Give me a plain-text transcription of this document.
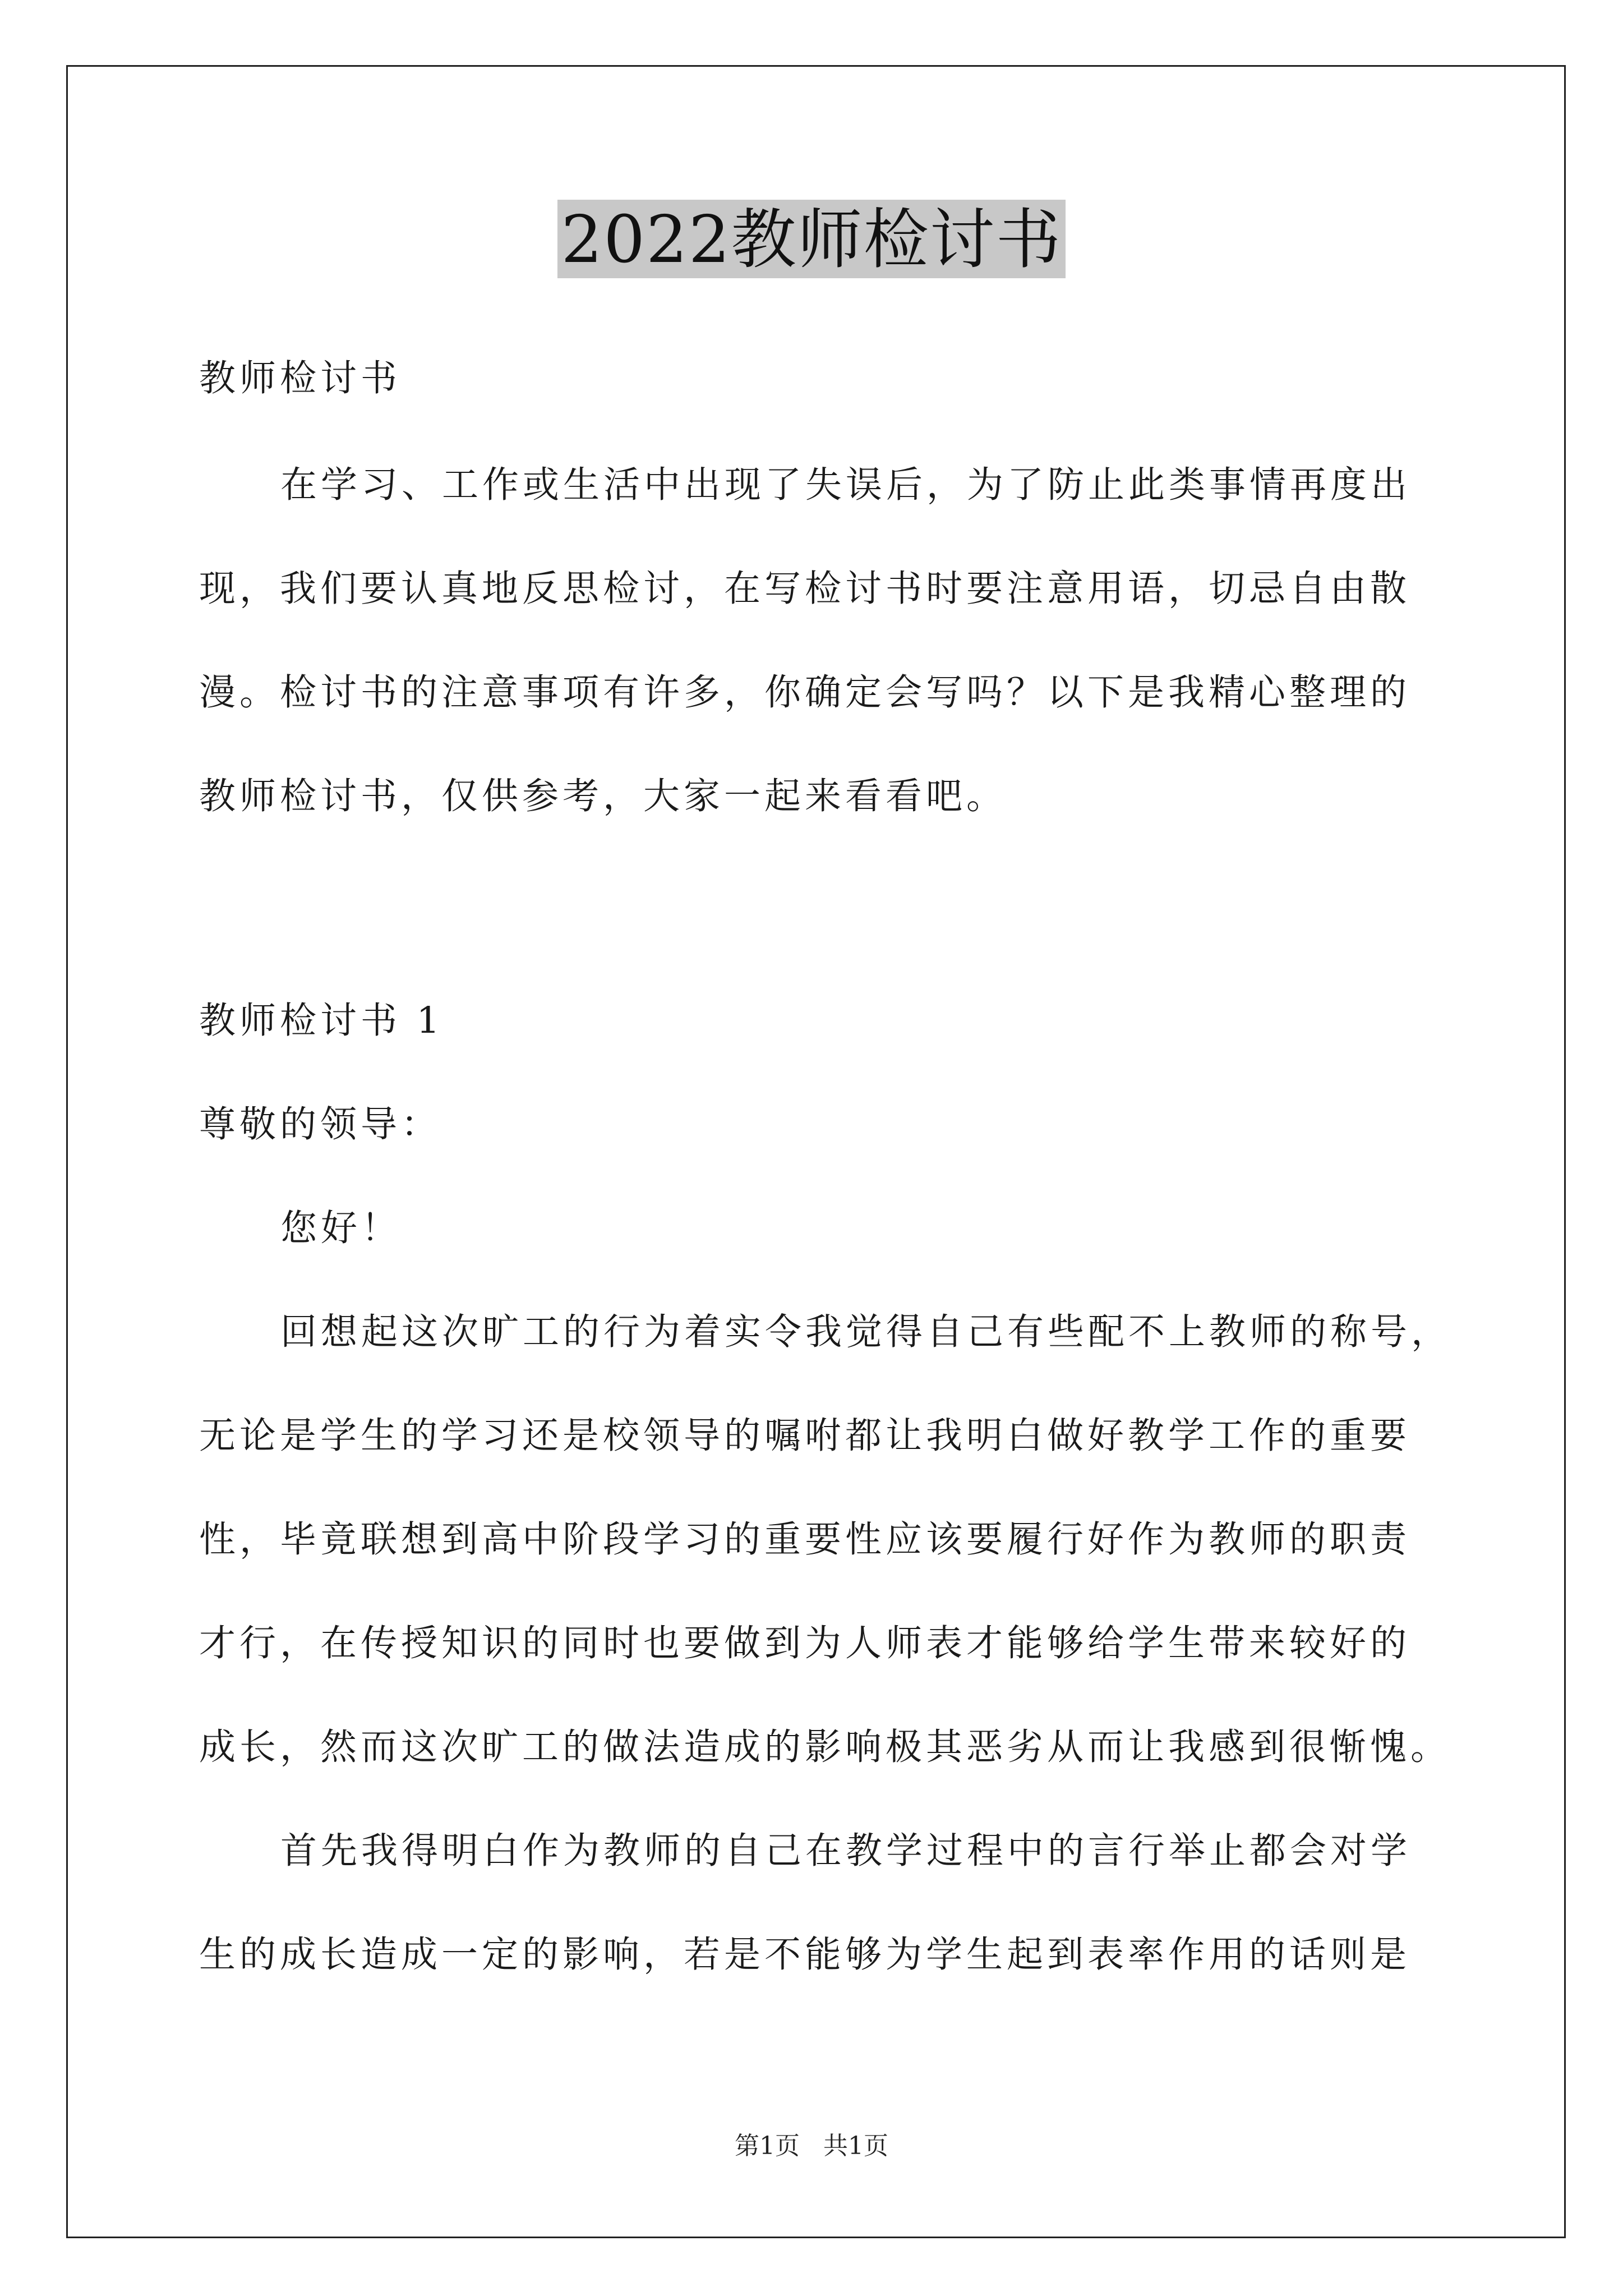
2022教师检讨书
教师检讨书
在学习、工作或生活中出现了失误后，为了防止此类事情再度出
现，我们要认真地反思检讨，在写检讨书时要注意用语，切忌自由散
漫。检讨书的注意事项有许多，你确定会写吗？以下是我精心整理的
教师检讨书，仅供参考，大家一起来看看吧。
教师检讨书 1
尊敬的领导：
您好！
回想起这次旷工的行为着实令我觉得自己有些配不上教师的称号，
无论是学生的学习还是校领导的嘱咐都让我明白做好教学工作的重要
性，毕竟联想到高中阶段学习的重要性应该要履行好作为教师的职责
才行，在传授知识的同时也要做到为人师表才能够给学生带来较好的
成长，然而这次旷工的做法造成的影响极其恶劣从而让我感到很惭愧。
首先我得明白作为教师的自己在教学过程中的言行举止都会对学
生的成长造成一定的影响，若是不能够为学生起到表率作用的话则是
第1页   共1页
